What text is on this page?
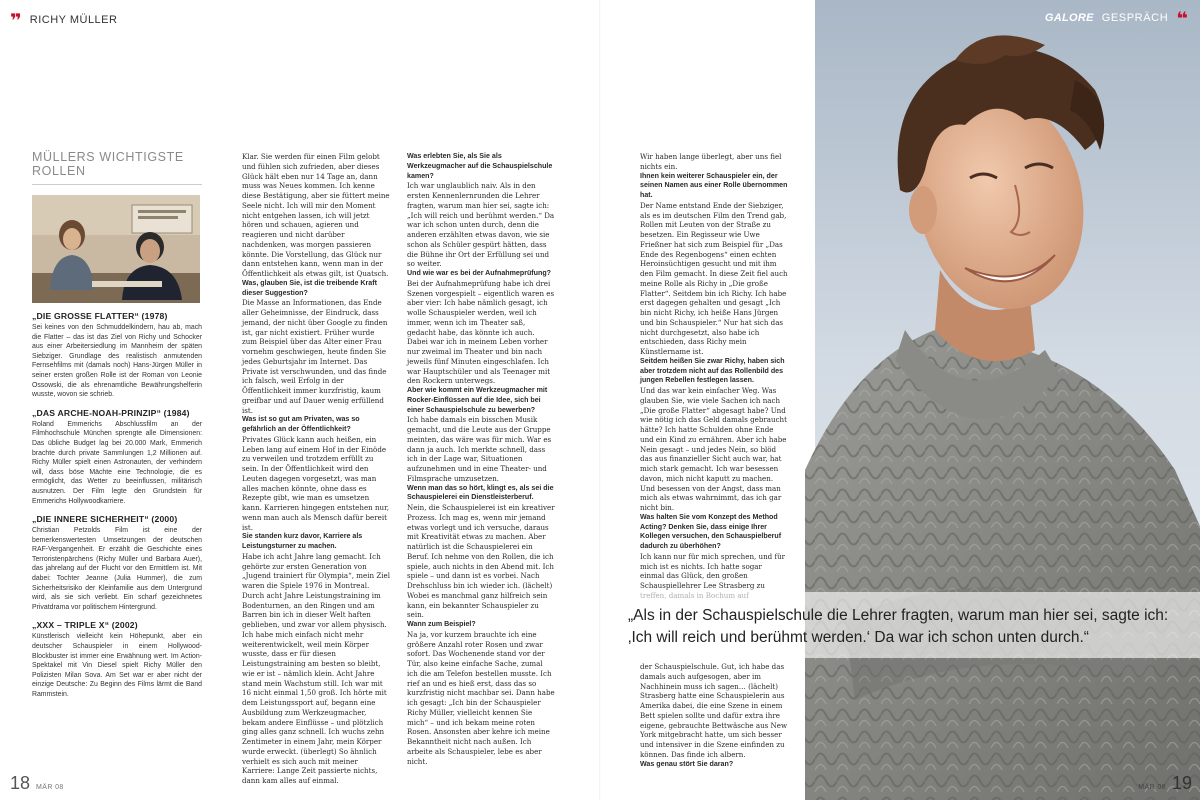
❞ RICHY MÜLLER
MÜLLERS WICHTIGSTE ROLLEN
„DIE GROSSE FLATTER“ (1978)
Sei keines von den Schmuddelkindern, hau ab, mach die Flatter – das ist das Ziel von Richy und Schocker aus einer Arbeitersiedlung im Mannheim der späten Siebziger. Grundlage des realistisch anmutenden Fernsehfilms mit (damals noch) Hans-Jürgen Müller in seiner ersten großen Rolle ist der Roman von Leonie Ossowski, die als ehrenamtliche Bewährungshelferin wusste, wovon sie schrieb.
„DAS ARCHE-NOAH-PRINZIP“ (1984)
Roland Emmerichs Abschlussfilm an der Filmhochschule München sprengte alle Dimensionen: Das übliche Budget lag bei 20.000 Mark, Emmerich brachte durch private Sammlungen 1,2 Millionen auf. Richy Müller spielt einen Astronauten, der verhindern will, dass böse Mächte eine Technologie, die es ermöglicht, das Wetter zu beeinflussen, militärisch ausnutzen. Der Film legte den Grundstein für Emmerichs Hollywoodkarriere.
„DIE INNERE SICHERHEIT“ (2000)
Christian Petzolds Film ist eine der bemerkenswertesten Umsetzungen der deutschen RAF-Vergangenheit. Er erzählt die Geschichte eines Terroristenpärchens (Richy Müller und Barbara Auer), das jahrelang auf der Flucht vor den Ermittlern ist. Mit dabei: Tochter Jeanne (Julia Hummer), die zum Sicherheitsrisiko der Kleinfamilie aus dem Untergrund wird, als sie sich verliebt. Ein scharf gezeichnetes Privatdrama vor politischem Hintergrund.
„XXX – TRIPLE X“ (2002)
Künstlerisch vielleicht kein Höhepunkt, aber ein deutscher Schauspieler in einem Hollywood-Blockbuster ist immer eine Erwähnung wert. Im Action-Spektakel mit Vin Diesel spielt Richy Müller den Polizisten Milan Sova. Am Set war er aber nicht der einzige Deutsche: Zu Beginn des Films lärmt die Band Rammstein.

Klar. Sie werden für einen Film gelobt und fühlen sich zufrieden, aber dieses Glück hält eben nur 14 Tage an, dann muss was Neues kommen. Ich kenne diese Bestätigung, aber sie füttert meine Seele nicht. Ich will mir den Moment nicht entgehen lassen, ich will jetzt hören und schauen, agieren und reagieren und nicht darüber nachdenken, was morgen passieren könnte. Die Vorstellung, das Glück nur dann entstehen kann, wenn man in der Öffentlichkeit als etwas gilt, ist Quatsch.

Was, glauben Sie, ist die treibende Kraft dieser Suggestion?

Die Masse an Informationen, das Ende aller Geheimnisse, der Eindruck, dass jemand, der nicht über Google zu finden ist, gar nicht existiert. Früher wurde zum Beispiel über das Alter einer Frau vornehm geschwiegen, heute finden Sie jedes Geburtsjahr im Internet. Das Private ist verschwunden, und das finde ich falsch, weil Erfolg in der Öffentlichkeit immer kurzfristig, kaum greifbar und auf Dauer wenig erfüllend ist.

Was ist so gut am Privaten, was so gefährlich an der Öffentlichkeit?

Privates Glück kann auch heißen, ein Leben lang auf einem Hof in der Einöde zu verweilen und trotzdem erfüllt zu sein. In der Öffentlichkeit wird den Leuten dagegen vorgesetzt, was man alles machen könnte, ohne dass es Rezepte gibt, wie man es umsetzen kann. Karrieren hingegen entstehen nur, wenn man auch als Mensch dafür bereit ist.

Sie standen kurz davor, Karriere als Leistungsturner zu machen.

Habe ich acht Jahre lang gemacht. Ich gehörte zur ersten Generation von „Jugend trainiert für Olympia“, mein Ziel waren die Spiele 1976 in Montreal. Durch acht Jahre Leistungstraining im Bodenturnen, an den Ringen und am Barren bin ich in dieser Welt haften geblieben, und zwar vor allem physisch. Ich habe mich einfach nicht mehr weiterentwickelt, weil mein Körper wusste, dass er für diesen Leistungstraining am besten so bleibt, wie er ist – nämlich klein. Acht Jahre stand mein Wachstum still. Ich war mit 16 nicht einmal 1,50 groß. Ich hörte mit dem Leistungssport auf, begann eine Ausbildung zum Werkzeugmacher, bekam andere Einflüsse – und plötzlich ging alles ganz schnell. Ich wuchs zehn Zentimeter in einem Jahr, mein Körper wurde erweckt. (überlegt) So ähnlich verhielt es sich auch mit meiner Karriere: Lange Zeit passierte nichts, dann kam alles auf einmal.

Was erlebten Sie, als Sie als Werkzeugmacher auf die Schauspielschule kamen?

Ich war unglaublich naiv. Als in den ersten Kennenlernrunden die Lehrer fragten, warum man hier sei, sagte ich: „Ich will reich und berühmt werden.“ Da war ich schon unten durch, denn die anderen erzählten etwas davon, wie sie schon als Schüler gespürt hätten, dass die Bühne ihr Ort der Erfüllung sei und so weiter.

Und wie war es bei der Aufnahmeprüfung?

Bei der Aufnahmeprüfung habe ich drei Szenen vorgespielt – eigentlich waren es aber vier: Ich habe nämlich gesagt, ich wolle Schauspieler werden, weil ich immer, wenn ich im Theater saß, gedacht habe, das könnte ich auch. Dabei war ich in meinem Leben vorher nur zweimal im Theater und bin nach jeweils fünf Minuten eingeschlafen. Ich war Hauptschüler und als Teenager mit den Rockern unterwegs.

Aber wie kommt ein Werkzeugmacher mit Rocker-Einflüssen auf die Idee, sich bei einer Schauspielschule zu bewerben?

Ich habe damals ein bisschen Musik gemacht, und die Leute aus der Gruppe meinten, das wäre was für mich. War es dann ja auch. Ich merkte schnell, dass ich in der Lage war, Situationen aufzunehmen und in eine Theater- und Filmsprache umzusetzen.

Wenn man das so hört, klingt es, als sei die Schauspielerei ein Dienstleisterberuf.

Nein, die Schauspielerei ist ein kreativer Prozess. Ich mag es, wenn mir jemand etwas vorlegt und ich versuche, daraus mit Kreativität etwas zu machen. Aber natürlich ist die Schauspielerei ein Beruf. Ich nehme von den Rollen, die ich spiele, auch nichts in den Abend mit. Ich spiele – und dann ist es vorbei. Nach Drehschluss bin ich wieder ich. (lächelt) Wobei es manchmal ganz hilfreich sein kann, ein bekannter Schauspieler zu sein.

Wann zum Beispiel?

Na ja, vor kurzem brauchte ich eine größere Anzahl roter Rosen und zwar sofort. Das Wochenende stand vor der Tür, also keine einfache Sache, zumal ich die am Telefon bestellen musste. Ich rief an und es hieß erst, dass das so kurzfristig nicht machbar sei. Dann habe ich gesagt: „Ich bin der Schauspieler Richy Müller, vielleicht kennen Sie mich“ – und ich bekam meine roten Rosen. Ansonsten aber kehre ich meine Bekanntheit nicht nach außen. Ich arbeite als Schauspieler, lebe es aber nicht.

Wir haben lange überlegt, aber uns fiel nichts ein.

Ihnen kein weiterer Schauspieler ein, der seinen Namen aus einer Rolle übernommen hat.

Der Name entstand Ende der Siebziger, als es im deutschen Film den Trend gab, Rollen mit Leuten von der Straße zu besetzen. Ein Regisseur wie Uwe Frießner hat sich zum Beispiel für „Das Ende des Regenbogens“ einen echten Heroinsüchtigen gesucht und mit ihm den Film gemacht. In diese Zeit fiel auch meine Rolle als Richy in „Die große Flatter“. Seitdem bin ich Richy. Ich habe erst dagegen gehalten und gesagt „Ich bin nicht Richy, ich heiße Hans Jürgen und bin Schauspieler.“ Nur hat sich das nicht durchgesetzt, also habe ich entschieden, dass Richy mein Künstlername ist.

Seitdem heißen Sie zwar Richy, haben sich aber trotzdem nicht auf das Rollenbild des jungen Rebellen festlegen lassen.

Und das war kein einfacher Weg. Was glauben Sie, wie viele Sachen ich nach „Die große Flatter“ abgesagt habe? Und wie nötig ich das Geld damals gebraucht hätte? Ich hatte Schulden ohne Ende und ein Kind zu ernähren. Aber ich habe Nein gesagt – und jedes Nein, so blöd das aus finanzieller Sicht auch war, hat mich stark gemacht. Ich war besessen davon, mich nicht kaputt zu machen. Und besessen von der Angst, dass man mich als etwas wahrnimmt, das ich gar nicht bin.

Was halten Sie vom Konzept des Method Acting? Denken Sie, dass einige Ihrer Kollegen versuchen, den Schauspielberuf dadurch zu überhöhen?

Ich kann nur für mich sprechen, und für mich ist es nichts. Ich hatte sogar einmal das Glück, den großen Schauspiellehrer Lee Strasberg zu

der Schauspielschule. Gut, ich habe das damals auch aufgesogen, aber im Nachhinein muss ich sagen… (lächelt) Strasberg hatte eine Schauspielerin aus Amerika dabei, die eine Szene in einem Bett spielen sollte und dafür extra ihre eigene, gebrauchte Bettwäsche aus New York mitgebracht hatte, um sich besser und intensiver in die Szene einfinden zu können. Das finde ich albern.

Was genau stört Sie daran?

GALORE GESPRÄCH ❝
„Als in der Schauspielschule die Lehrer fragten, warum man hier sei, sagte ich:
‚Ich will reich und berühmt werden.‘ Da war ich schon unten durch.“
18 MÄR 08	MÄR 08 19
